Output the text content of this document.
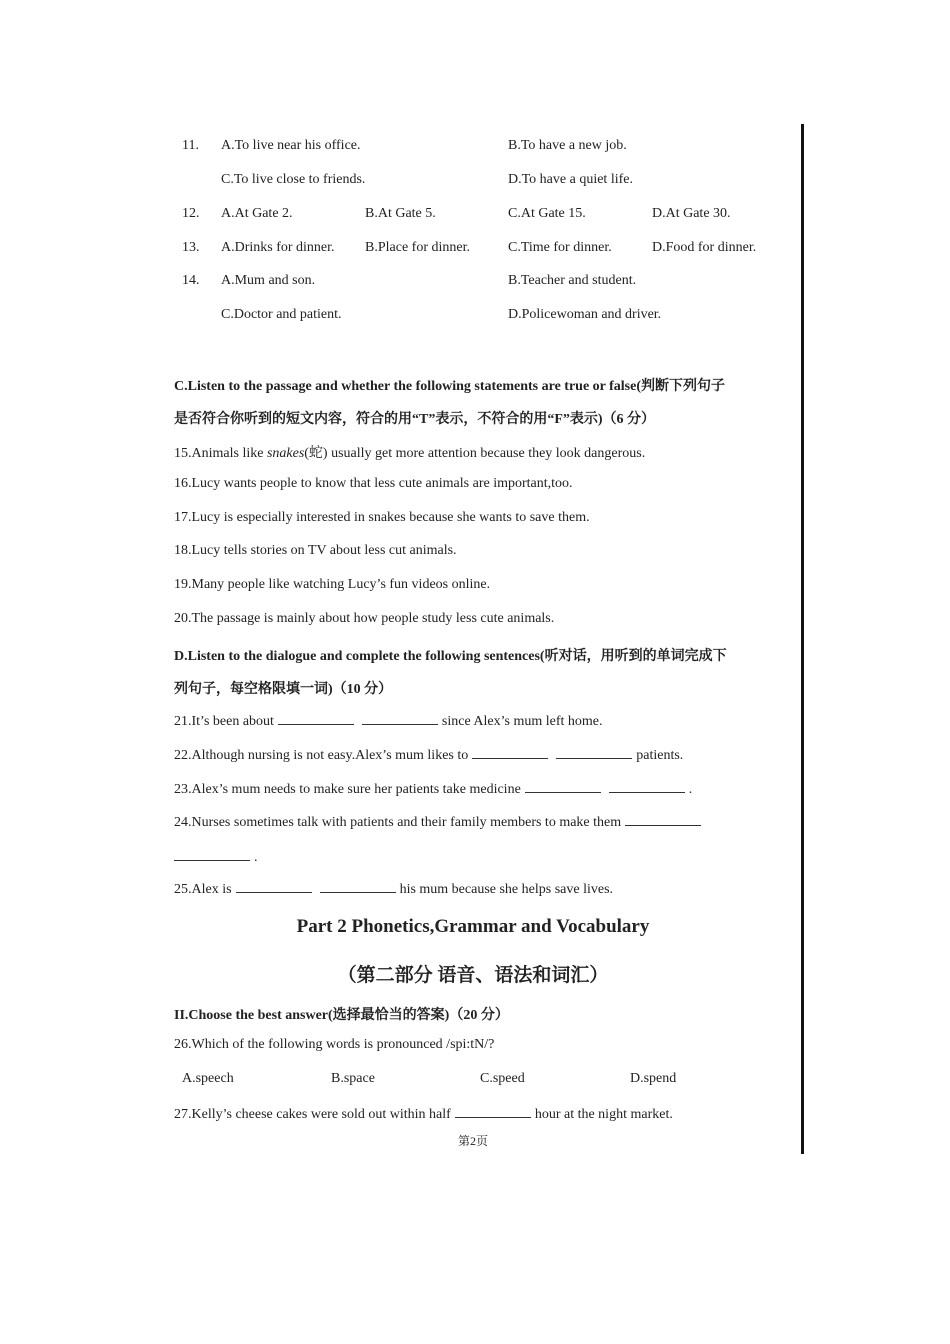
11. A.To live near his office.	B.To have a new job.
C.To live close to friends.	D.To have a quiet life.
12. A.At Gate 2.	B.At Gate 5.	C.At Gate 15.	D.At Gate 30.
13. A.Drinks for dinner. B.Place for dinner.	C.Time for dinner.	D.Food for dinner.
14. A.Mum and son.	B.Teacher and student.
C.Doctor and patient.	D.Policewoman and driver.
C.Listen to the passage and whether the following statements are true or false(判断下列句子
是否符合你听到的短文内容，符合的用“T”表示，不符合的用“F”表示)（6 分）
15.Animals like snakes(蛇) usually get more attention because they look dangerous.
16.Lucy wants people to know that less cute animals are important,too.
17.Lucy is especially interested in snakes because she wants to save them.
18.Lucy tells stories on TV about less cut animals.
19.Many people like watching Lucy’s fun videos online.
20.The passage is mainly about how people study less cute animals.
D.Listen to the dialogue and complete the following sentences(听对话，用听到的单词完成下
列句子，每空格限填一词)（10 分）
21.It’s been about	since Alex’s mum left home.
22.Although nursing is not easy.Alex’s mum likes to	patients.
23.Alex’s mum needs to make sure her patients take medicine	.
24.Nurses sometimes talk with patients and their family members to make them
.
25.Alex is	his mum because she helps save lives.
Part 2 Phonetics,Grammar and Vocabulary
（第二部分 语音、语法和词汇）
II.Choose the best answer(选择最恰当的答案)（20 分）
26.Which of the following words is pronounced /spi:tN/?
A.speech	B.space	C.speed	D.spend
27.Kelly’s cheese cakes were sold out within half	hour at the night market.
第2页
